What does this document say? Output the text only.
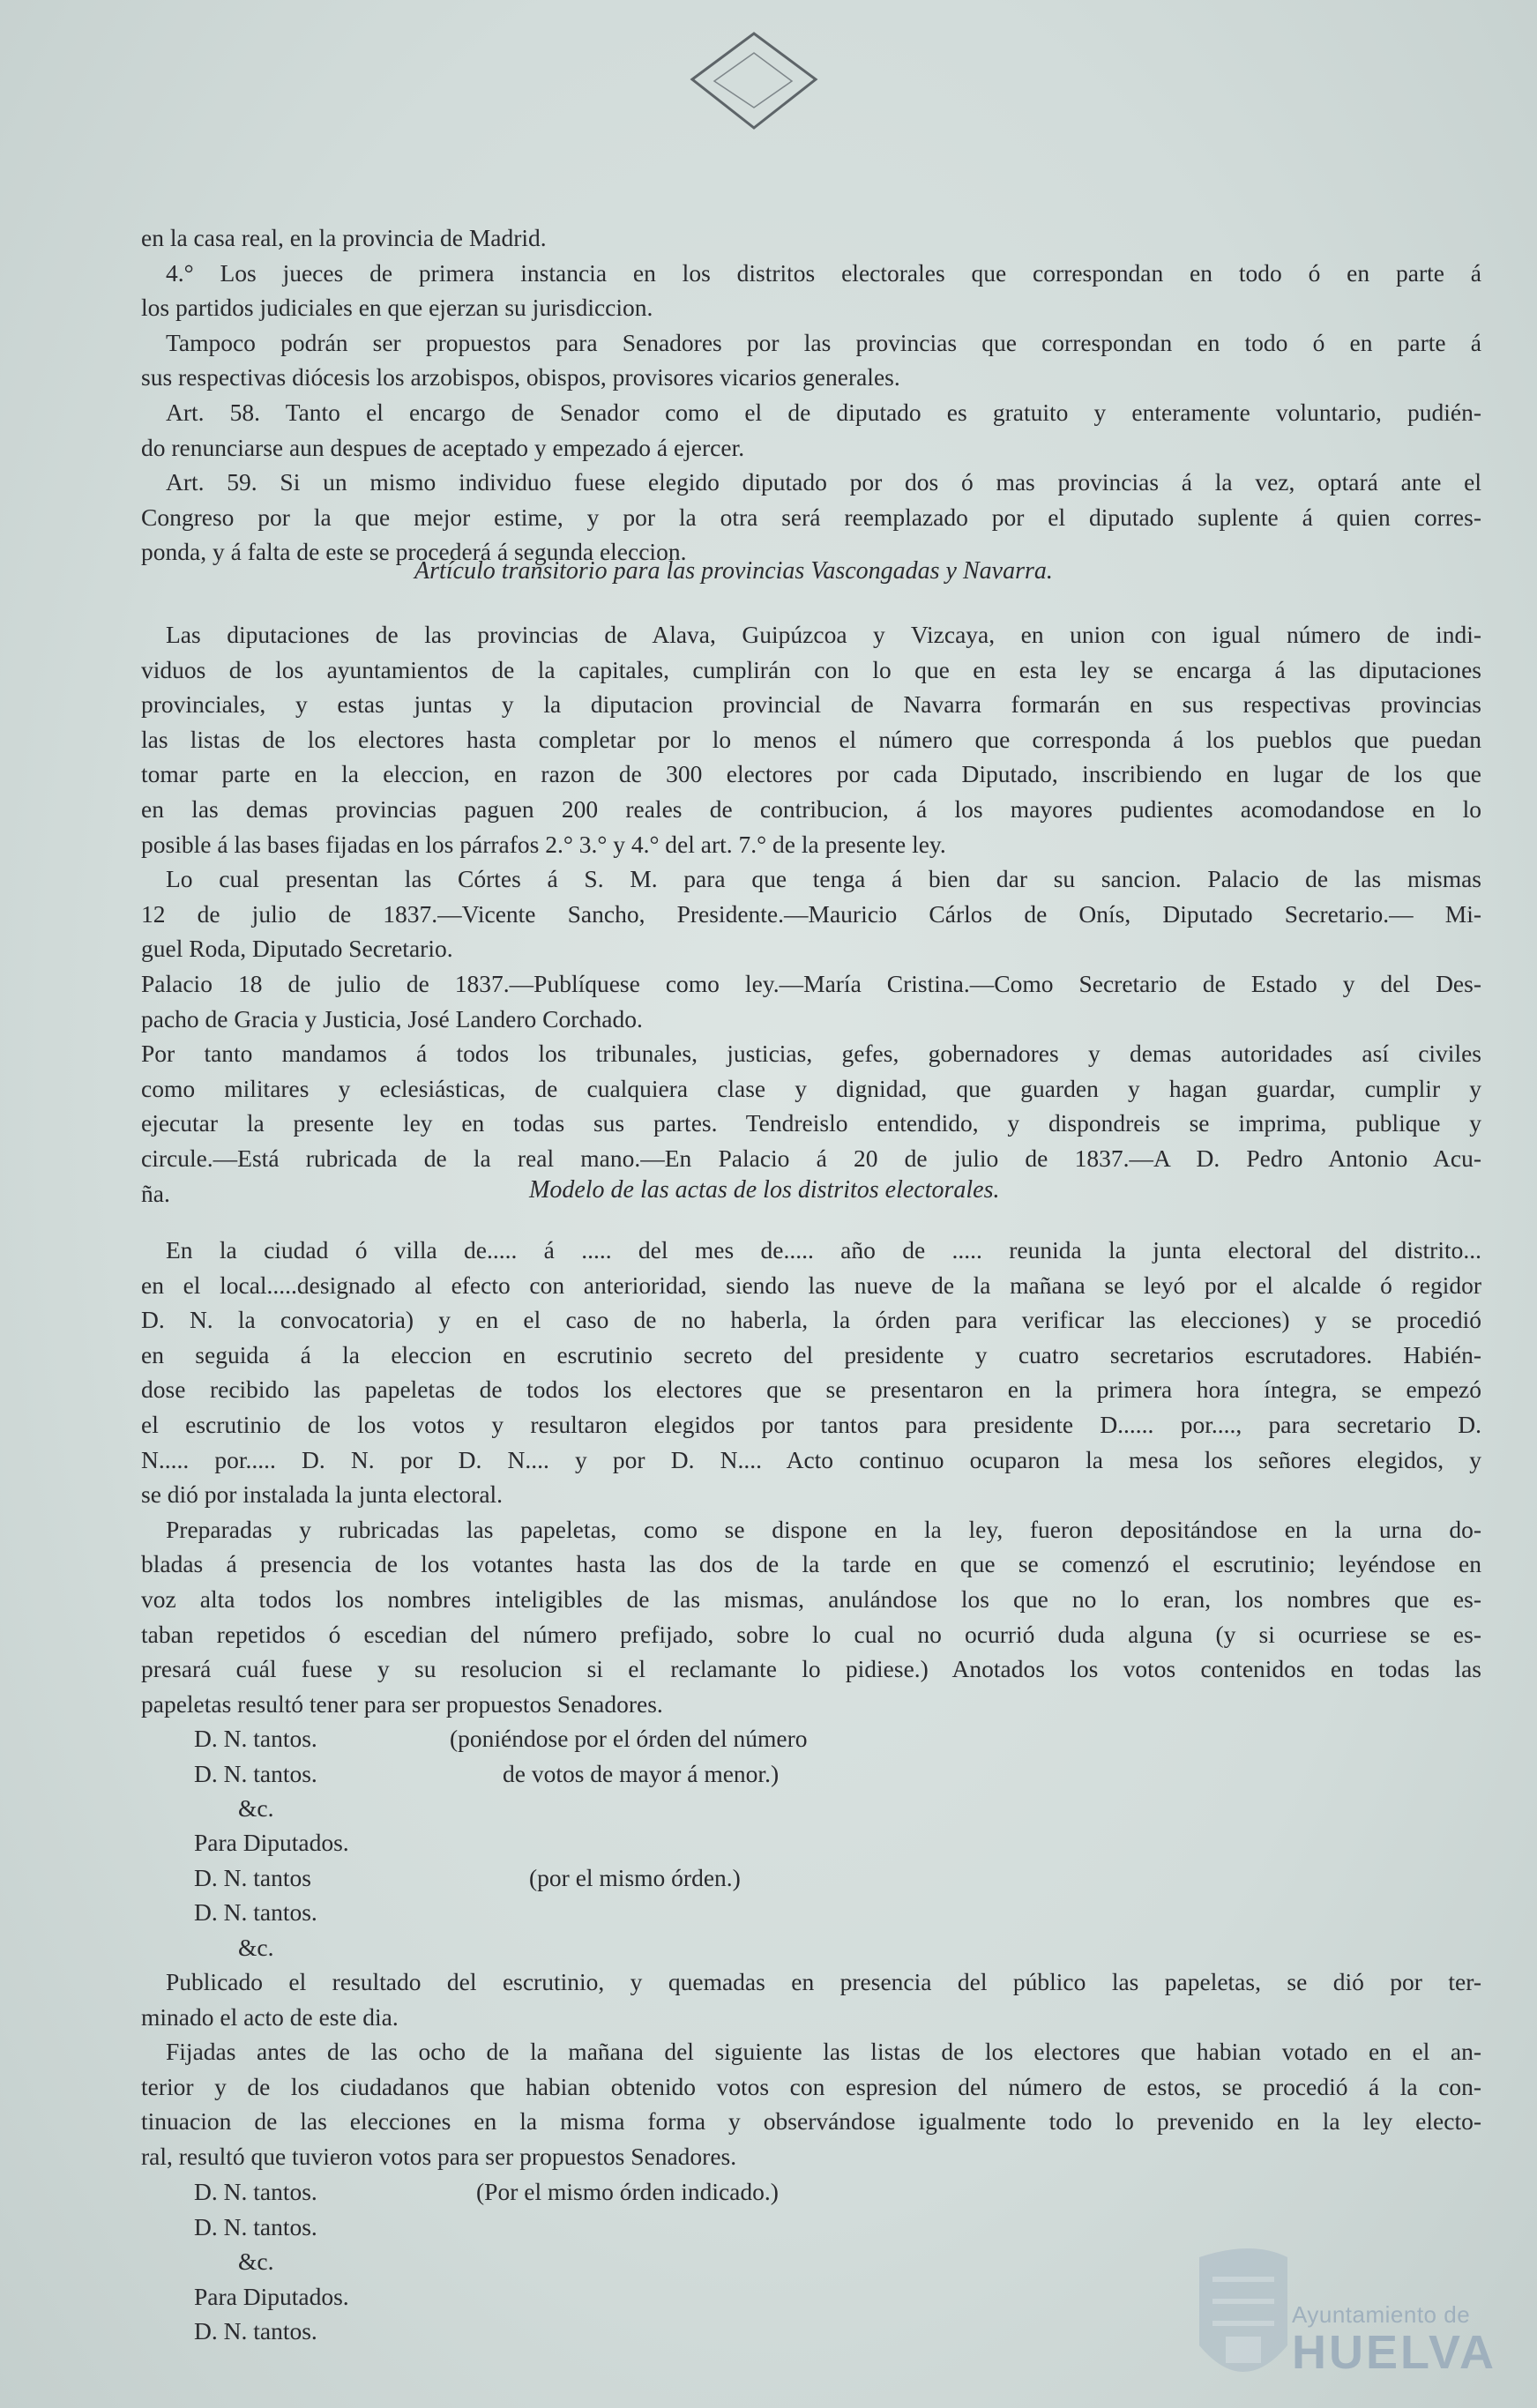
en la casa real, en la provincia de Madrid.
4.° Los jueces de primera instancia en los distritos electorales que correspondan en todo ó en parte á
los partidos judiciales en que ejerzan su jurisdiccion.
Tampoco podrán ser propuestos para Senadores por las provincias que correspondan en todo ó en parte á
sus respectivas diócesis los arzobispos, obispos, provisores vicarios generales.
Art. 58. Tanto el encargo de Senador como el de diputado es gratuito y enteramente voluntario, pudién-
do renunciarse aun despues de aceptado y empezado á ejercer.
Art. 59. Si un mismo individuo fuese elegido diputado por dos ó mas provincias á la vez, optará ante el
Congreso por la que mejor estime, y por la otra será reemplazado por el diputado suplente á quien corres-
ponda, y á falta de este se procederá á segunda eleccion.
Artículo transitorio para las provincias Vascongadas y Navarra.
Las diputaciones de las provincias de Alava, Guipúzcoa y Vizcaya, en union con igual número de indi-
viduos de los ayuntamientos de la capitales, cumplirán con lo que en esta ley se encarga á las diputaciones
provinciales, y estas juntas y la diputacion provincial de Navarra formarán en sus respectivas provincias
las listas de los electores hasta completar por lo menos el número que corresponda á los pueblos que puedan
tomar parte en la eleccion, en razon de 300 electores por cada Diputado, inscribiendo en lugar de los que
en las demas provincias paguen 200 reales de contribucion, á los mayores pudientes acomodandose en lo
posible á las bases fijadas en los párrafos 2.° 3.° y 4.° del art. 7.° de la presente ley.
Lo cual presentan las Córtes á S. M. para que tenga á bien dar su sancion. Palacio de las mismas
12 de julio de 1837.—Vicente Sancho, Presidente.—Mauricio Cárlos de Onís, Diputado Secretario.— Mi-
guel Roda, Diputado Secretario.
Palacio 18 de julio de 1837.—Publíquese como ley.—María Cristina.—Como Secretario de Estado y del Des-
pacho de Gracia y Justicia, José Landero Corchado.
Por tanto mandamos á todos los tribunales, justicias, gefes, gobernadores y demas autoridades así civiles
como militares y eclesiásticas, de cualquiera clase y dignidad, que guarden y hagan guardar, cumplir y
ejecutar la presente ley en todas sus partes. Tendreislo entendido, y dispondreis se imprima, publique y
circule.—Está rubricada de la real mano.—En Palacio á 20 de julio de 1837.—A D. Pedro Antonio Acu-
ña.	Modelo de las actas de los distritos electorales.
En la ciudad ó villa de..... á ..... del mes de..... año de ..... reunida la junta electoral del distrito...
en el local.....designado al efecto con anterioridad, siendo las nueve de la mañana se leyó por el alcalde ó regidor
D. N. la convocatoria) y en el caso de no haberla, la órden para verificar las elecciones) y se procedió
en seguida á la eleccion en escrutinio secreto del presidente y cuatro secretarios escrutadores. Habién-
dose recibido las papeletas de todos los electores que se presentaron en la primera hora íntegra, se empezó
el escrutinio de los votos y resultaron elegidos por tantos para presidente D...... por...., para secretario D.
N..... por..... D. N. por D. N.... y por D. N.... Acto continuo ocuparon la mesa los señores elegidos, y
se dió por instalada la junta electoral.
Preparadas y rubricadas las papeletas, como se dispone en la ley, fueron depositándose en la urna do-
bladas á presencia de los votantes hasta las dos de la tarde en que se comenzó el escrutinio; leyéndose en
voz alta todos los nombres inteligibles de las mismas, anulándose los que no lo eran, los nombres que es-
taban repetidos ó escedian del número prefijado, sobre lo cual no ocurrió duda alguna (y si ocurriese se es-
presará cuál fuese y su resolucion si el reclamante lo pidiese.) Anotados los votos contenidos en todas las
papeletas resultó tener para ser propuestos Senadores.
D. N. tantos.
D. N. tantos.
&c.
(poniéndose por el órden del número
de votos de mayor á menor.)
Para Diputados.
D. N. tantos
D. N. tantos.
&c.
(por el mismo órden.)
Publicado el resultado del escrutinio, y quemadas en presencia del público las papeletas, se dió por ter-
minado el acto de este dia.
Fijadas antes de las ocho de la mañana del siguiente las listas de los electores que habian votado en el an-
terior y de los ciudadanos que habian obtenido votos con espresion del número de estos, se procedió á la con-
tinuacion de las elecciones en la misma forma y observándose igualmente todo lo prevenido en la ley electo-
ral, resultó que tuvieron votos para ser propuestos Senadores.
D. N. tantos.
D. N. tantos.
&c.
Para Diputados.
D. N. tantos.
(Por el mismo órden indicado.)
Ayuntamiento de
HUELVA
